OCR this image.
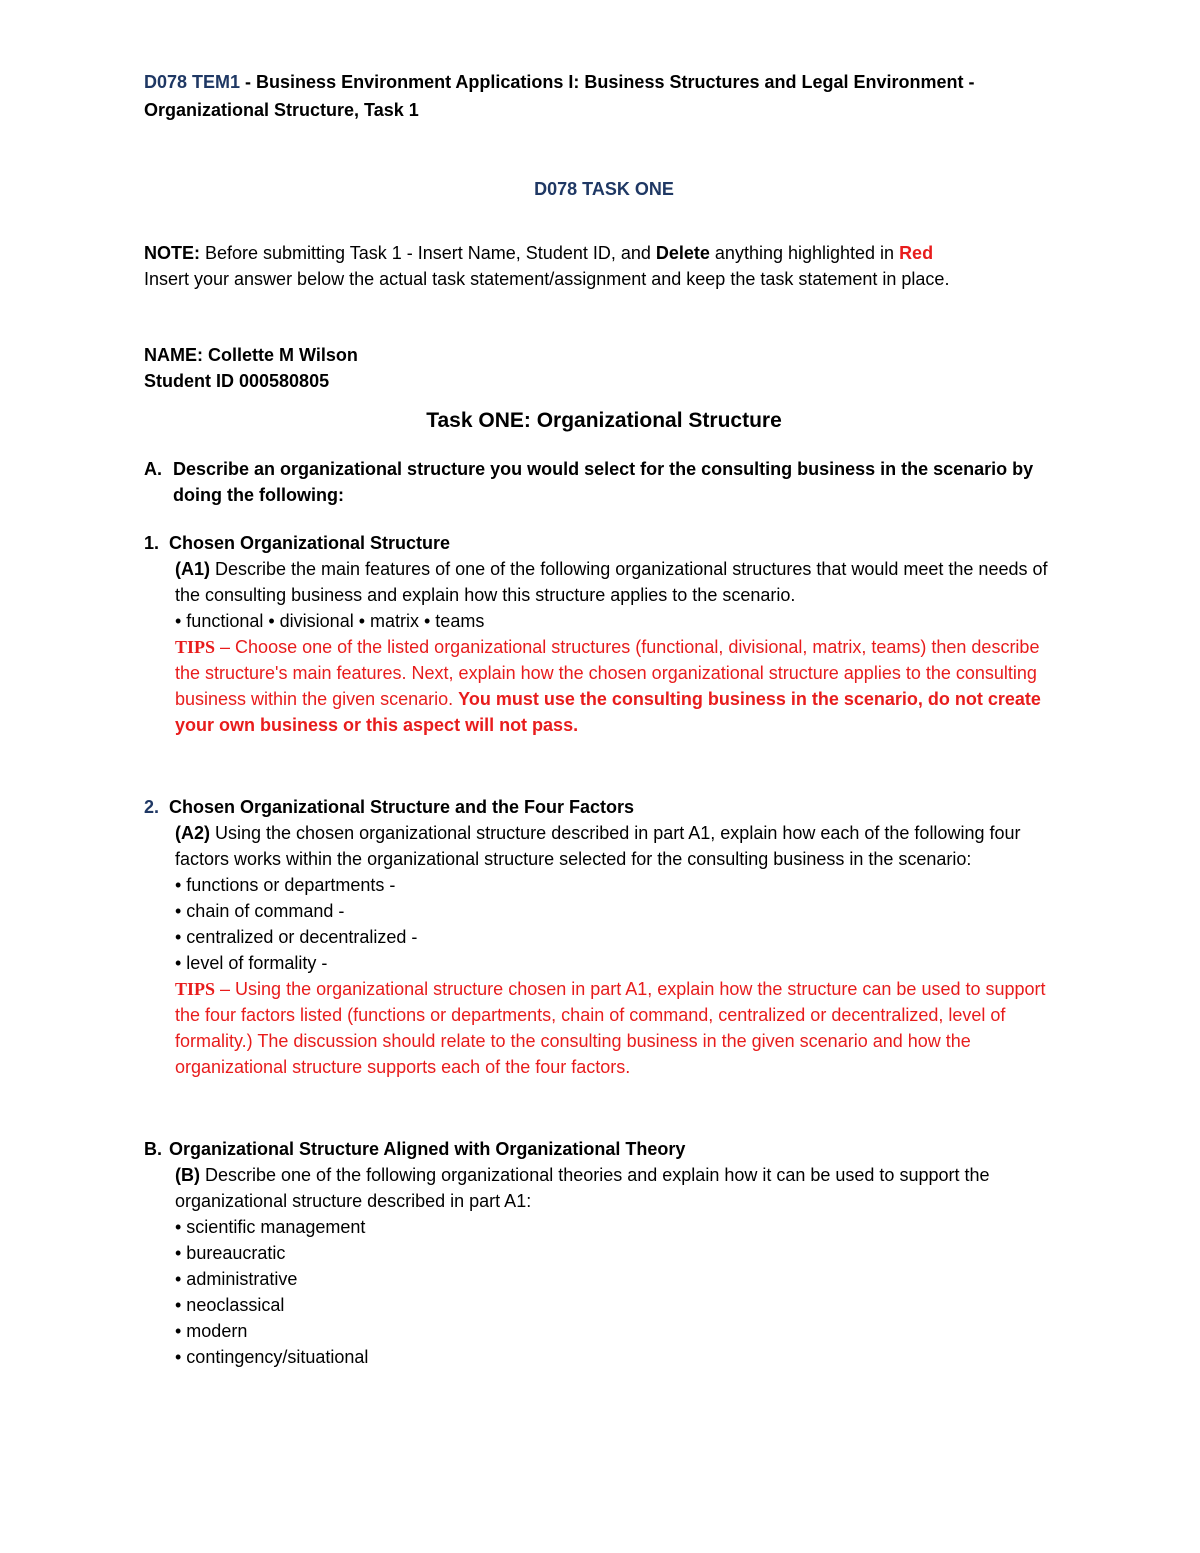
D078 TEM1 - Business Environment Applications I: Business Structures and Legal Environment - Organizational Structure, Task 1

D078 TASK ONE

NOTE: Before submitting Task 1 - Insert Name, Student ID, and Delete anything highlighted in Red

Insert your answer below the actual task statement/assignment and keep the task statement in place.

NAME: Collette M Wilson
Student ID 000580805
Task ONE: Organizational Structure
A. Describe an organizational structure you would select for the consulting business in the scenario by doing the following:
1. Chosen Organizational Structure

(A1) Describe the main features of one of the following organizational structures that would meet the needs of the consulting business and explain how this structure applies to the scenario.

• functional • divisional • matrix • teams

TIPS – Choose one of the listed organizational structures (functional, divisional, matrix, teams) then describe the structure's main features. Next, explain how the chosen organizational structure applies to the consulting business within the given scenario. You must use the consulting business in the scenario, do not create your own business or this aspect will not pass.

2. Chosen Organizational Structure and the Four Factors

(A2) Using the chosen organizational structure described in part A1, explain how each of the following four factors works within the organizational structure selected for the consulting business in the scenario:

• functions or departments -

• chain of command -

• centralized or decentralized -

• level of formality -

TIPS – Using the organizational structure chosen in part A1, explain how the structure can be used to support the four factors listed (functions or departments, chain of command, centralized or decentralized, level of formality.) The discussion should relate to the consulting business in the given scenario and how the organizational structure supports each of the four factors.

B. Organizational Structure Aligned with Organizational Theory

(B) Describe one of the following organizational theories and explain how it can be used to support the organizational structure described in part A1:

• scientific management

• bureaucratic

• administrative

• neoclassical

• modern

• contingency/situational
